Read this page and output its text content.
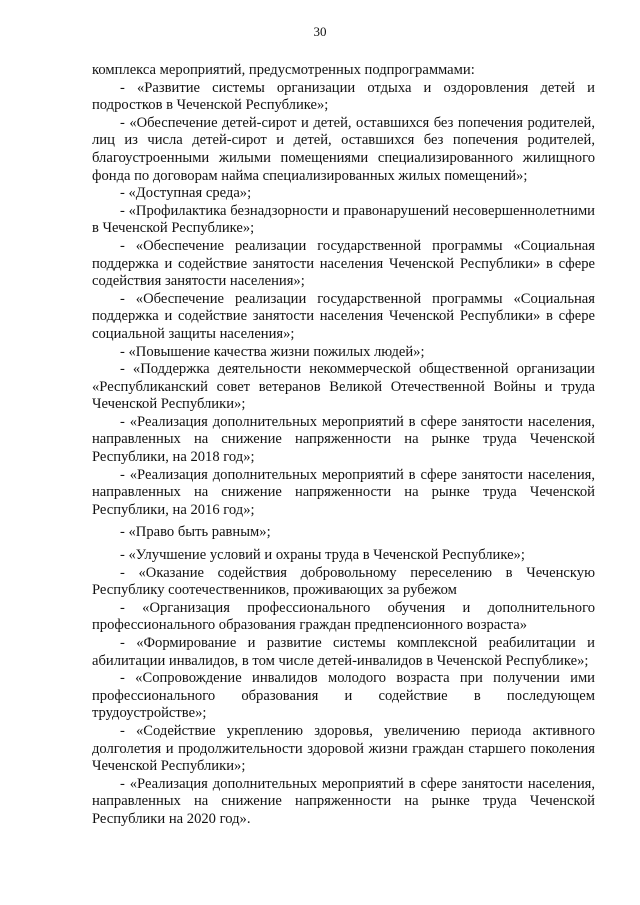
30

комплекса мероприятий, предусмотренных подпрограммами:

- «Развитие системы организации отдыха и оздоровления детей и подростков в Чеченской Республике»;

- «Обеспечение детей-сирот и детей, оставшихся без попечения родителей, лиц из числа детей-сирот и детей, оставшихся без попечения родителей, благоустроенными жилыми помещениями специализированного жилищного фонда по договорам найма специализированных жилых помещений»;

- «Доступная среда»;

- «Профилактика безнадзорности и правонарушений несовершеннолетними в Чеченской Республике»;

- «Обеспечение реализации государственной программы «Социальная поддержка и содействие занятости населения Чеченской Республики» в сфере содействия занятости населения»;

- «Обеспечение реализации государственной программы «Социальная поддержка и содействие занятости населения Чеченской Республики» в сфере социальной защиты населения»;

- «Повышение качества жизни пожилых людей»;

- «Поддержка деятельности некоммерческой общественной организации «Республиканский совет ветеранов Великой Отечественной Войны и труда Чеченской Республики»;

- «Реализация дополнительных мероприятий в сфере занятости населения, направленных на снижение напряженности на рынке труда Чеченской Республики, на 2018 год»;

- «Реализация дополнительных мероприятий в сфере занятости населения, направленных на снижение напряженности на рынке труда Чеченской Республики, на 2016 год»;

- «Право быть равным»;

- «Улучшение условий и охраны труда в Чеченской Республике»;

- «Оказание содействия добровольному переселению в Чеченскую Республику соотечественников, проживающих за рубежом

- «Организация профессионального обучения и дополнительного профессионального образования граждан предпенсионного возраста»

- «Формирование и развитие системы комплексной реабилитации и абилитации инвалидов, в том числе детей-инвалидов в Чеченской Республике»;

- «Сопровождение инвалидов молодого возраста при получении ими профессионального образования и содействие в последующем трудоустройстве»;

- «Содействие укреплению здоровья, увеличению периода активного долголетия и продолжительности здоровой жизни граждан старшего поколения Чеченской Республики»;

- «Реализация дополнительных мероприятий в сфере занятости населения, направленных на снижение напряженности на рынке труда Чеченской Республики на 2020 год».
